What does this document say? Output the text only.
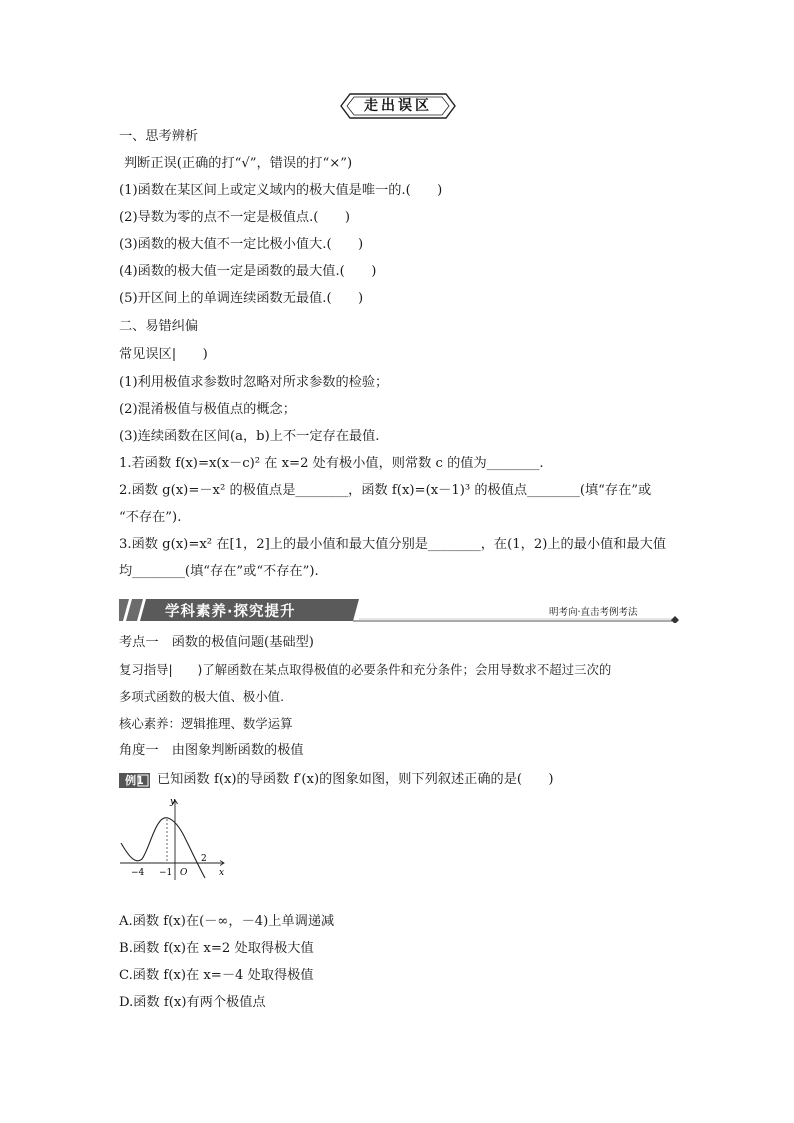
走出误区
一、思考辨析
判断正误(正确的打“√”，错误的打“×”)
(1)函数在某区间上或定义域内的极大值是唯一的.(　　)
(2)导数为零的点不一定是极值点.(　　)
(3)函数的极大值不一定比极小值大.(　　)
(4)函数的极大值一定是函数的最大值.(　　)
(5)开区间上的单调连续函数无最值.(　　)
二、易错纠偏
常见误区|　　)
(1)利用极值求参数时忽略对所求参数的检验；
(2)混淆极值与极值点的概念；
(3)连续函数在区间(a，b)上不一定存在最值.
1.若函数 f(x)=x(x－c)² 在 x=2 处有极小值，则常数 c 的值为________.
2.函数 g(x)=－x² 的极值点是________，函数 f(x)=(x－1)³ 的极值点________(填“存在”或
“不存在”).
3.函数 g(x)=x² 在[1，2]上的最小值和最大值分别是________，在(1，2)上的最小值和最大值
均________(填“存在”或“不存在”).
学科素养·探究提升	明考向·直击考例考法
考点一　函数的极值问题(基础型)
复习指导|　　)了解函数在某点取得极值的必要条件和充分条件；会用导数求不超过三次的
多项式函数的极大值、极小值.
核心素养：逻辑推理、数学运算
角度一　由图象判断函数的极值
例1 已知函数 f(x)的导函数 f′(x)的图象如图，则下列叙述正确的是(　　)
y
x
O
−4 −1
2
A.函数 f(x)在(－∞，－4)上单调递减
B.函数 f(x)在 x=2 处取得极大值
C.函数 f(x)在 x=－4 处取得极值
D.函数 f(x)有两个极值点
